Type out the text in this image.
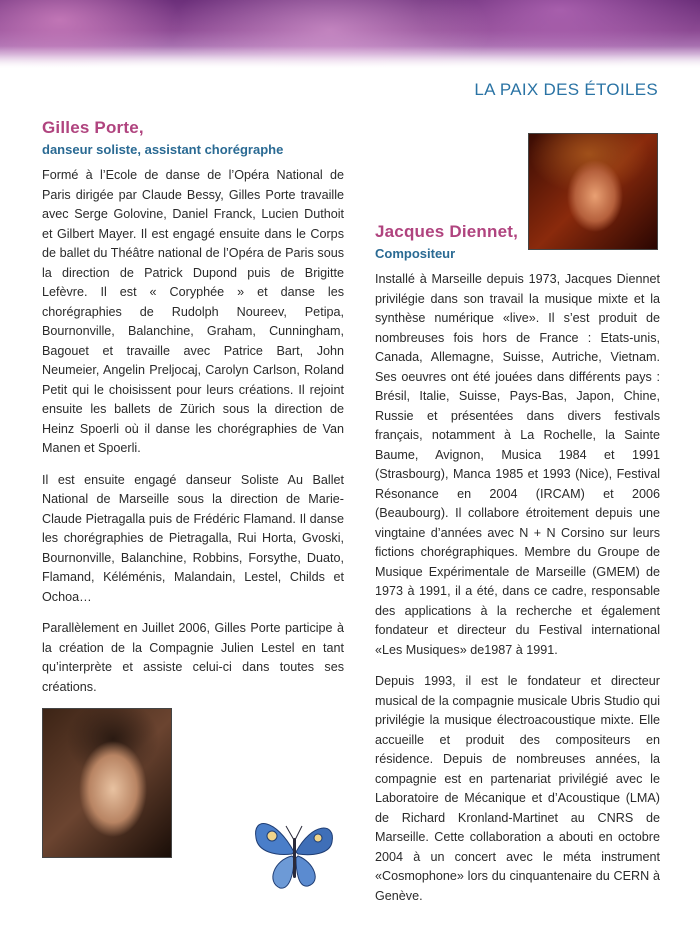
LA PAIX DES ÉTOILES
Gilles Porte,
danseur soliste, assistant chorégraphe

Formé à l’Ecole de danse de l’Opéra National de Paris dirigée par Claude Bessy, Gilles Porte travaille avec Serge Golovine, Daniel Franck, Lucien Duthoit et Gilbert Mayer. Il est engagé ensuite dans le Corps de ballet du Théâtre national de l’Opéra de Paris sous la direction de Patrick Dupond puis de Brigitte Lefèvre. Il est « Coryphée » et danse les chorégraphies de Rudolph Noureev, Petipa, Bournonville, Balanchine, Graham, Cunningham, Bagouet et travaille avec Patrice Bart, John Neumeier, Angelin Preljocaj, Carolyn Carlson, Roland Petit qui le choisissent pour leurs créations. Il rejoint ensuite les ballets de Zürich sous la direction de Heinz Spoerli où il danse les chorégraphies de Van Manen et Spoerli.

Il est ensuite engagé danseur Soliste Au Ballet National de Marseille sous la direction de Marie-Claude Pietragalla puis de Frédéric Flamand. Il danse les chorégraphies de Pietragalla, Rui Horta, Gvoski, Bournonville, Balanchine, Robbins, Forsythe, Duato, Flamand, Kéléménis, Malandain, Lestel, Childs et Ochoa…

Parallèlement en Juillet 2006, Gilles Porte participe à la création de la Compagnie Julien Lestel en tant qu’interprète et assiste celui-ci dans toutes ses créations.

Jacques Diennet,
Compositeur

Installé à Marseille depuis 1973, Jacques Diennet privilégie dans son travail la musique mixte et la synthèse numérique «live». Il s’est produit de nombreuses fois hors de France : Etats-unis, Canada, Allemagne, Suisse, Autriche, Vietnam. Ses oeuvres ont été jouées dans différents pays : Brésil, Italie, Suisse, Pays-Bas, Japon, Chine, Russie et présentées dans divers festivals français, notamment à La Rochelle, la Sainte Baume, Avignon, Musica 1984 et 1991 (Strasbourg), Manca 1985 et 1993 (Nice), Festival Résonance en 2004 (IRCAM) et 2006 (Beaubourg). Il collabore étroitement depuis une vingtaine d’années avec N + N Corsino sur leurs fictions chorégraphiques. Membre du Groupe de Musique Expérimentale de Marseille (GMEM) de 1973 à 1991, il a été, dans ce cadre, responsable des applications à la recherche et également fondateur et directeur du Festival international «Les Musiques» de1987 à 1991.

Depuis 1993, il est le fondateur et directeur musical de la compagnie musicale Ubris Studio qui privilégie la musique électroacoustique mixte. Elle accueille et produit des compositeurs en résidence. Depuis de nombreuses années, la compagnie est en partenariat privilégié avec le Laboratoire de Mécanique et d’Acoustique (LMA) de Richard Kronland-Martinet au CNRS de Marseille. Cette collaboration a abouti en octobre 2004 à un concert avec le méta instrument «Cosmophone» lors du cinquantenaire du CERN à Genève.
